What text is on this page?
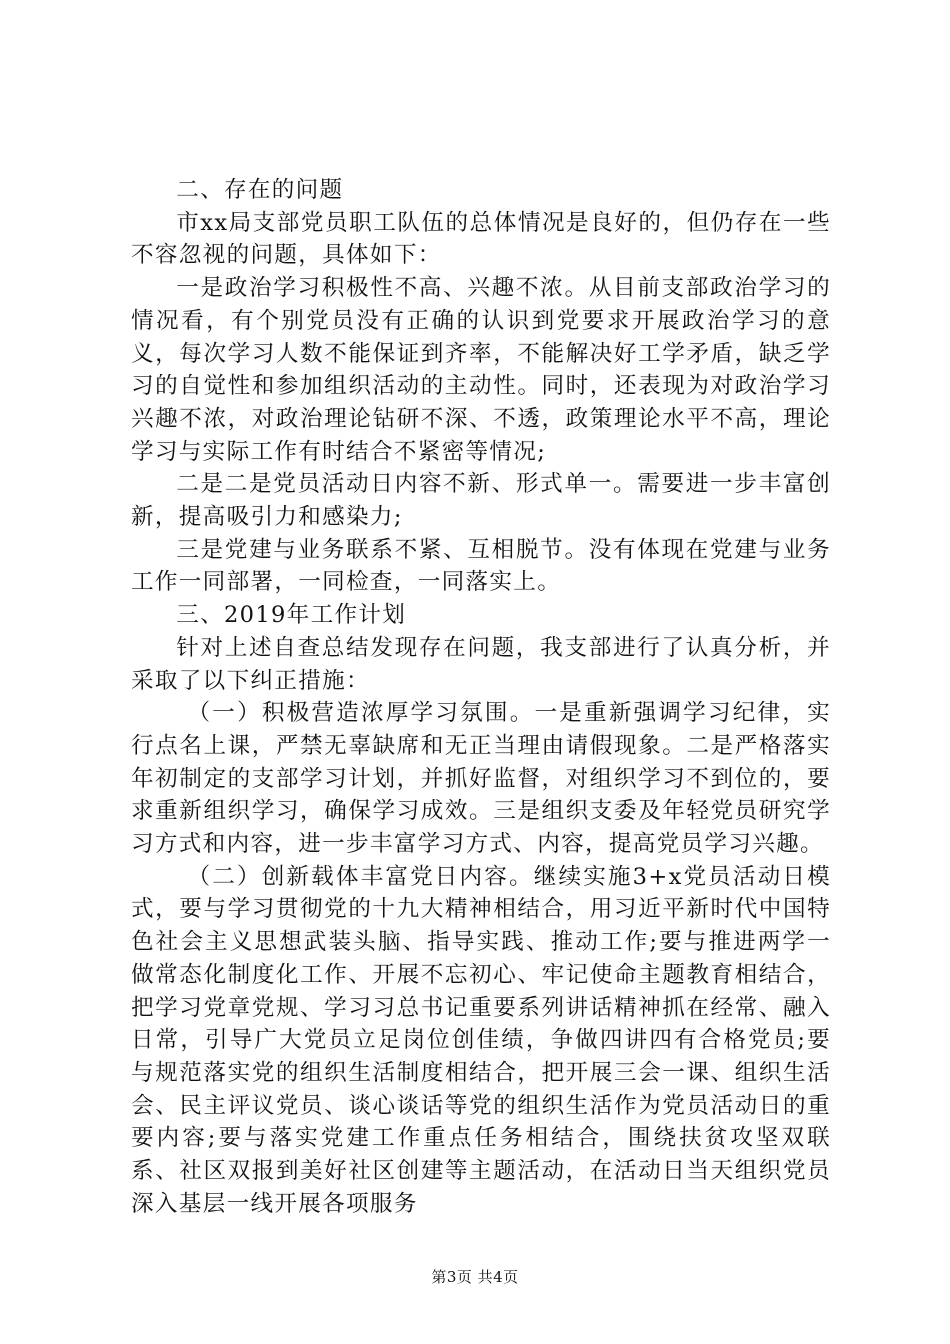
二、存在的问题

市xx局支部党员职工队伍的总体情况是良好的，但仍存在一些不容忽视的问题，具体如下：

一是政治学习积极性不高、兴趣不浓。从目前支部政治学习的情况看，有个别党员没有正确的认识到党要求开展政治学习的意义，每次学习人数不能保证到齐率，不能解决好工学矛盾，缺乏学习的自觉性和参加组织活动的主动性。同时，还表现为对政治学习兴趣不浓，对政治理论钻研不深、不透，政策理论水平不高，理论学习与实际工作有时结合不紧密等情况;

二是二是党员活动日内容不新、形式单一。需要进一步丰富创新，提高吸引力和感染力;

三是党建与业务联系不紧、互相脱节。没有体现在党建与业务工作一同部署，一同检查，一同落实上。

三、2019年工作计划

针对上述自查总结发现存在问题，我支部进行了认真分析，并采取了以下纠正措施：

（一）积极营造浓厚学习氛围。一是重新强调学习纪律，实行点名上课，严禁无辜缺席和无正当理由请假现象。二是严格落实年初制定的支部学习计划，并抓好监督，对组织学习不到位的，要求重新组织学习，确保学习成效。三是组织支委及年轻党员研究学习方式和内容，进一步丰富学习方式、内容，提高党员学习兴趣。

（二）创新载体丰富党日内容。继续实施3+x党员活动日模式，要与学习贯彻党的十九大精神相结合，用习近平新时代中国特色社会主义思想武装头脑、指导实践、推动工作;要与推进两学一做常态化制度化工作、开展不忘初心、牢记使命主题教育相结合，把学习党章党规、学习习总书记重要系列讲话精神抓在经常、融入日常，引导广大党员立足岗位创佳绩，争做四讲四有合格党员;要与规范落实党的组织生活制度相结合，把开展三会一课、组织生活会、民主评议党员、谈心谈话等党的组织生活作为党员活动日的重要内容;要与落实党建工作重点任务相结合，围绕扶贫攻坚双联系、社区双报到美好社区创建等主题活动，在活动日当天组织党员深入基层一线开展各项服务

第3页 共4页
